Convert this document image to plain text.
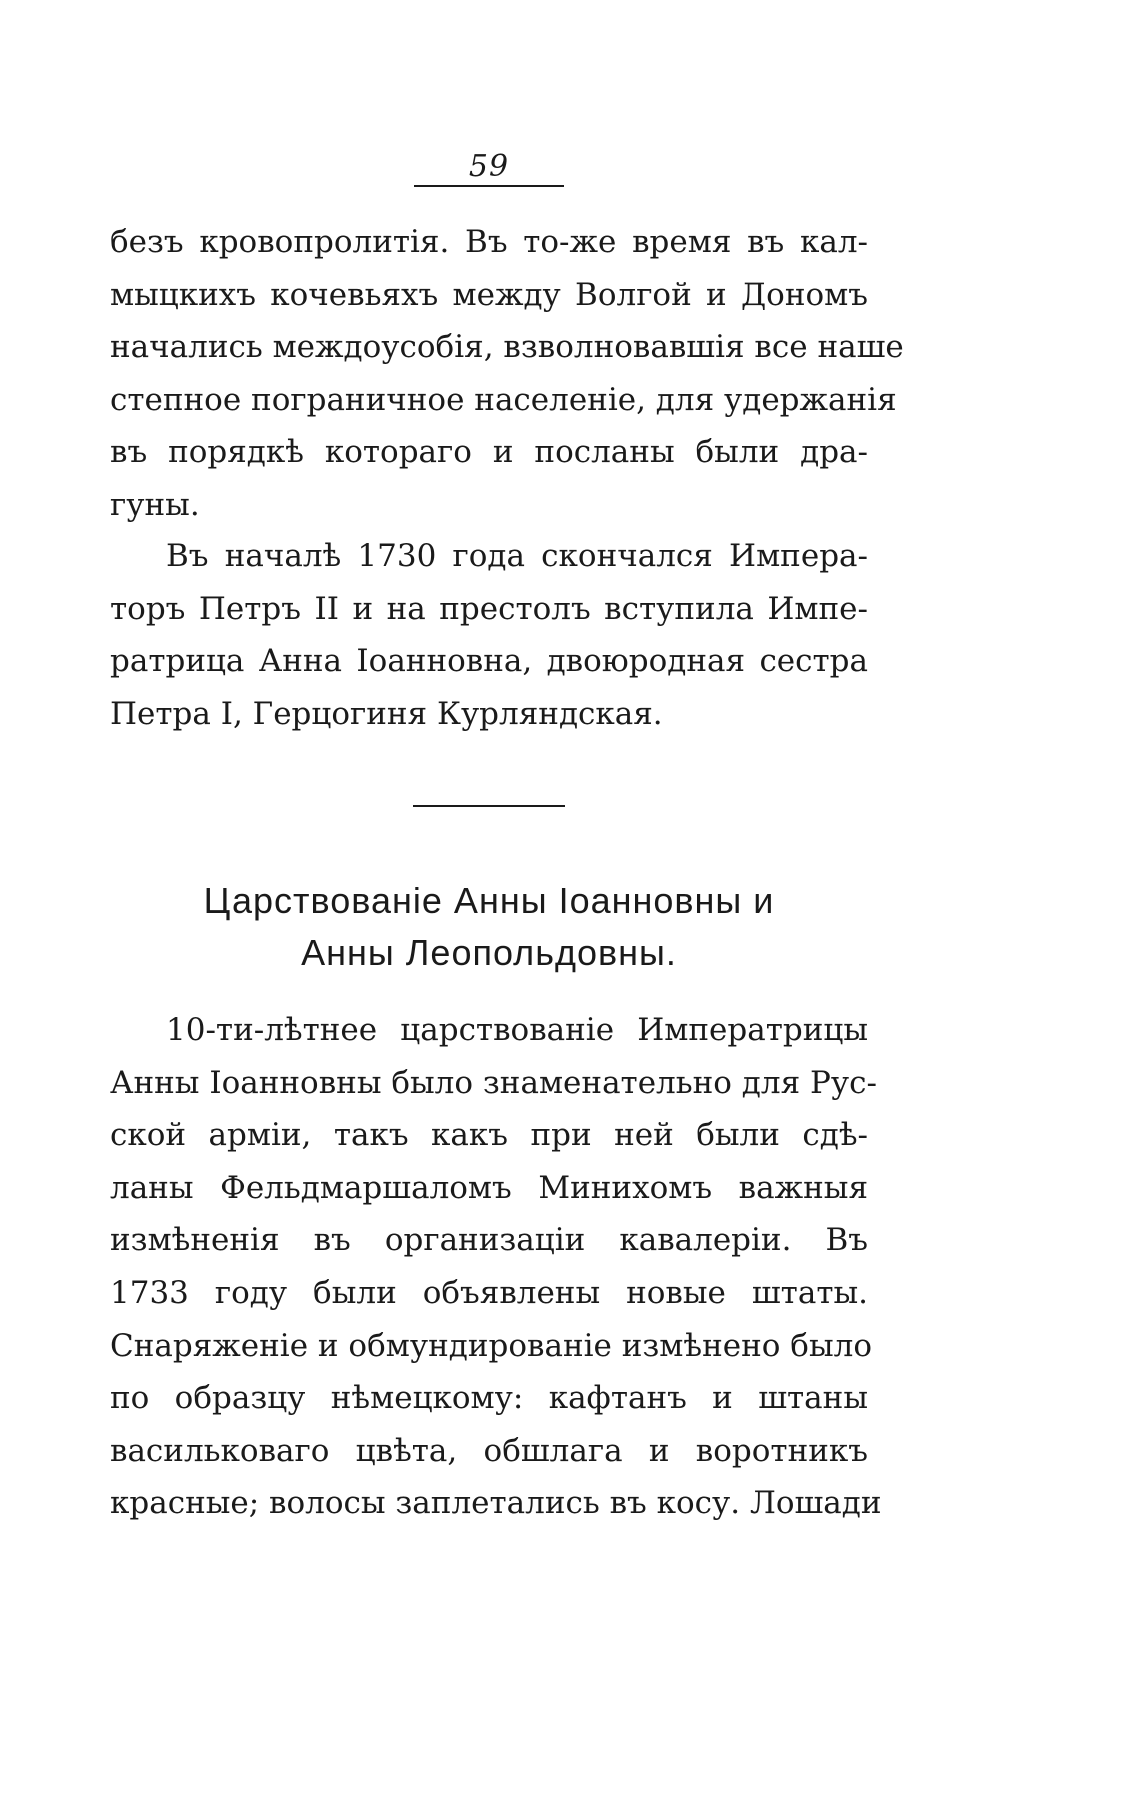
59

безъ кровопролитія. Въ то-же время въ кал-
мыцкихъ кочевьяхъ между Волгой и Дономъ
начались междоусобія, взволновавшія все наше
степное пограничное населеніе, для удержанія
въ порядкѣ котораго и посланы были дра-
гуны.

Въ началѣ 1730 года скончался Импера-
торъ Петръ II и на престолъ вступила Импе-
ратрица Анна Іоанновна, двоюродная сестра
Петра I, Герцогиня Курляндская.

Царствованіе Анны Іоанновны и
Анны Леопольдовны.

10-ти-лѣтнее царствованіе Императрицы
Анны Іоанновны было знаменательно для Рус-
ской арміи, такъ какъ при ней были сдѣ-
ланы Фельдмаршаломъ Минихомъ важныя
измѣненія въ организаціи кавалеріи. Въ
1733 году были объявлены новые штаты.
Снаряженіе и обмундированіе измѣнено было
по образцу нѣмецкому: кафтанъ и штаны
василькoваго цвѣта, обшлага и воротникъ
красные; волосы заплетались въ косу. Лошади
